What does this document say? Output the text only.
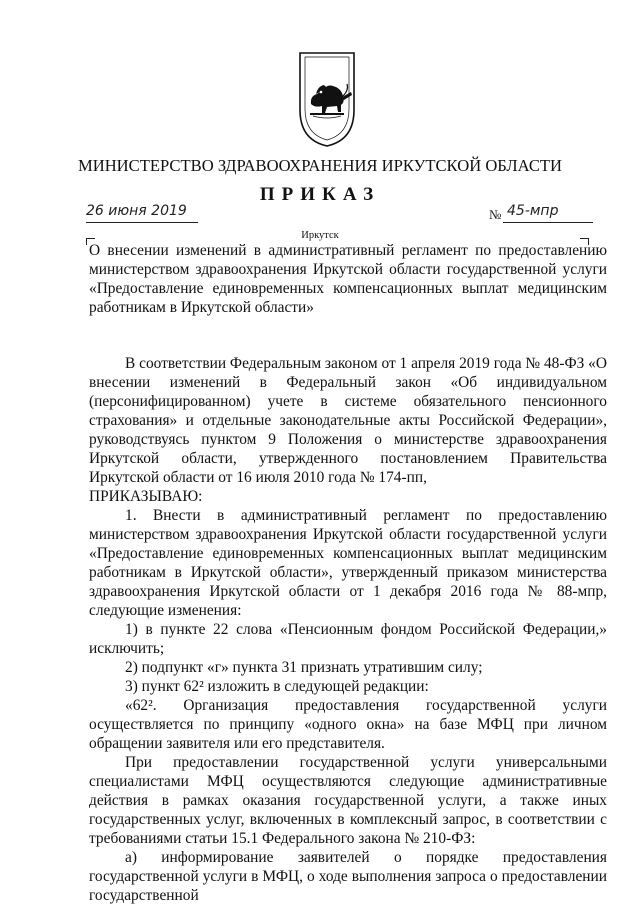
МИНИСТЕРСТВО ЗДРАВООХРАНЕНИЯ ИРКУТСКОЙ ОБЛАСТИ
ПРИКАЗ
26 июня 2019	№ 45-мпр
Иркутск

О внесении изменений в административный регламент по предоставлению министерством здравоохранения Иркутской области государственной услуги «Предоставление единовременных компенсационных выплат медицинским работникам в Иркутской области»

В соответствии Федеральным законом от 1 апреля 2019 года № 48-ФЗ «О внесении изменений в Федеральный закон «Об индивидуальном (персонифицированном) учете в системе обязательного пенсионного страхования» и отдельные законодательные акты Российской Федерации», руководствуясь пунктом 9 Положения о министерстве здравоохранения Иркутской области, утвержденного постановлением Правительства Иркутской области от 16 июля 2010 года № 174-пп,

ПРИКАЗЫВАЮ:

1. Внести в административный регламент по предоставлению министерством здравоохранения Иркутской области государственной услуги «Предоставление единовременных компенсационных выплат медицинским работникам в Иркутской области», утвержденный приказом министерства здравоохранения Иркутской области от 1 декабря 2016 года № 88-мпр, следующие изменения:

1) в пункте 22 слова «Пенсионным фондом Российской Федерации,» исключить;

2) подпункт «г» пункта 31 признать утратившим силу;

3) пункт 62² изложить в следующей редакции:

«62². Организация предоставления государственной услуги осуществляется по принципу «одного окна» на базе МФЦ при личном обращении заявителя или его представителя.

При предоставлении государственной услуги универсальными специалистами МФЦ осуществляются следующие административные действия в рамках оказания государственной услуги, а также иных государственных услуг, включенных в комплексный запрос, в соответствии с требованиями статьи 15.1 Федерального закона № 210-ФЗ:

а) информирование заявителей о порядке предоставления государственной услуги в МФЦ, о ходе выполнения запроса о предоставлении государственной
